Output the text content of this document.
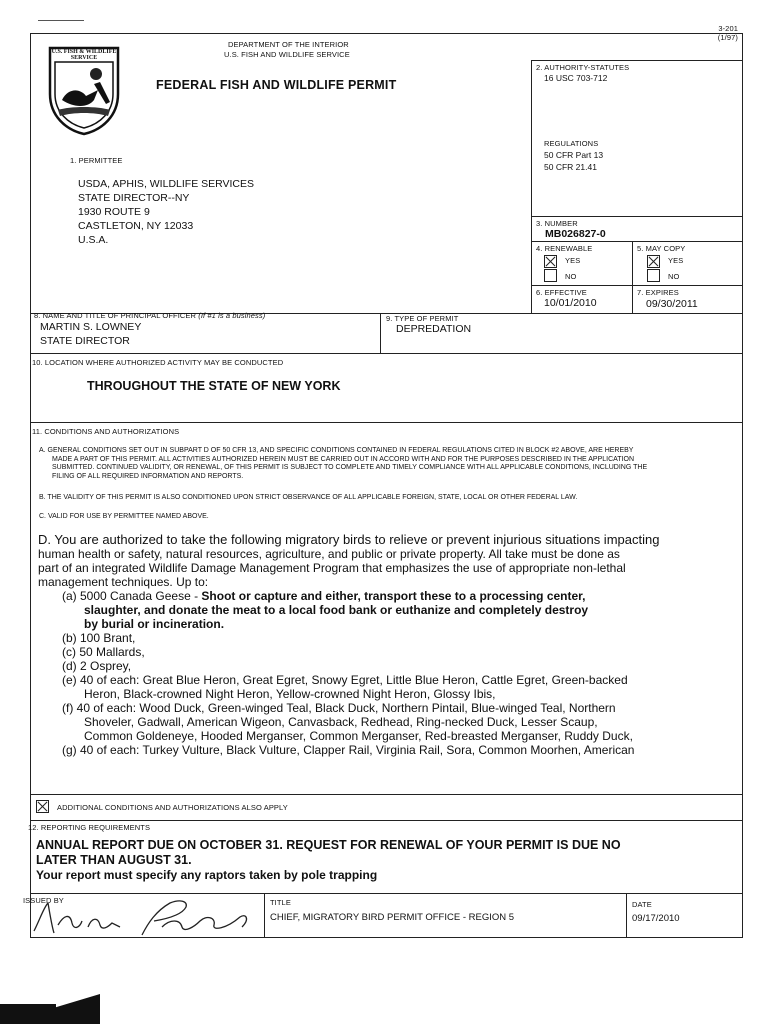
3-201
(1/97)
U.S. FISH & WILDLIFE SERVICE
DEPARTMENT OF THE INTERIOR
U.S. FISH AND WILDLIFE SERVICE
FEDERAL FISH AND WILDLIFE PERMIT
2. AUTHORITY-STATUTES
16 USC 703-712
REGULATIONS
50 CFR Part 13
50 CFR 21.41
1. PERMITTEE
USDA, APHIS, WILDLIFE SERVICES
STATE DIRECTOR--NY
1930 ROUTE 9
CASTLETON, NY 12033
U.S.A.
3. NUMBER
MB026827-0
4. RENEWABLE
YES
NO
5. MAY COPY
YES
NO
6. EFFECTIVE
10/01/2010
7. EXPIRES
09/30/2011
8. NAME AND TITLE OF PRINCIPAL OFFICER (If #1 is a business)
MARTIN S. LOWNEY
STATE DIRECTOR
9. TYPE OF PERMIT
DEPREDATION
10. LOCATION WHERE AUTHORIZED ACTIVITY MAY BE CONDUCTED
THROUGHOUT THE STATE OF NEW YORK
11. CONDITIONS AND AUTHORIZATIONS
A. GENERAL CONDITIONS SET OUT IN SUBPART D OF 50 CFR 13, AND SPECIFIC CONDITIONS CONTAINED IN FEDERAL REGULATIONS CITED IN BLOCK #2 ABOVE, ARE HEREBY
MADE A PART OF THIS PERMIT. ALL ACTIVITIES AUTHORIZED HEREIN MUST BE CARRIED OUT IN ACCORD WITH AND FOR THE PURPOSES DESCRIBED IN THE APPLICATION
SUBMITTED. CONTINUED VALIDITY, OR RENEWAL, OF THIS PERMIT IS SUBJECT TO COMPLETE AND TIMELY COMPLIANCE WITH ALL APPLICABLE CONDITIONS, INCLUDING THE
FILING OF ALL REQUIRED INFORMATION AND REPORTS.
B. THE VALIDITY OF THIS PERMIT IS ALSO CONDITIONED UPON STRICT OBSERVANCE OF ALL APPLICABLE FOREIGN, STATE, LOCAL OR OTHER FEDERAL LAW.
C. VALID FOR USE BY PERMITTEE NAMED ABOVE.
D. You are authorized to take the following migratory birds to relieve or prevent injurious situations impacting
human health or safety, natural resources, agriculture, and public or private property. All take must be done as
part of an integrated Wildlife Damage Management Program that emphasizes the use of appropriate non-lethal
management techniques. Up to:
(a) 5000 Canada Geese - Shoot or capture and either, transport these to a processing center,
slaughter, and donate the meat to a local food bank or euthanize and completely destroy
by burial or incineration.
(b) 100 Brant,
(c) 50 Mallards,
(d) 2 Osprey,
(e) 40 of each: Great Blue Heron, Great Egret, Snowy Egret, Little Blue Heron, Cattle Egret, Green-backed
Heron, Black-crowned Night Heron, Yellow-crowned Night Heron, Glossy Ibis,
(f) 40 of each: Wood Duck, Green-winged Teal, Black Duck, Northern Pintail, Blue-winged Teal, Northern
Shoveler, Gadwall, American Wigeon, Canvasback, Redhead, Ring-necked Duck, Lesser Scaup,
Common Goldeneye, Hooded Merganser, Common Merganser, Red-breasted Merganser, Ruddy Duck,
(g) 40 of each: Turkey Vulture, Black Vulture, Clapper Rail, Virginia Rail, Sora, Common Moorhen, American
ADDITIONAL CONDITIONS AND AUTHORIZATIONS ALSO APPLY
12. REPORTING REQUIREMENTS
ANNUAL REPORT DUE ON OCTOBER 31. REQUEST FOR RENEWAL OF YOUR PERMIT IS DUE NO
LATER THAN AUGUST 31.
Your report must specify any raptors taken by pole trapping
ISSUED BY	TITLE
CHIEF, MIGRATORY BIRD PERMIT OFFICE - REGION 5
DATE
09/17/2010
